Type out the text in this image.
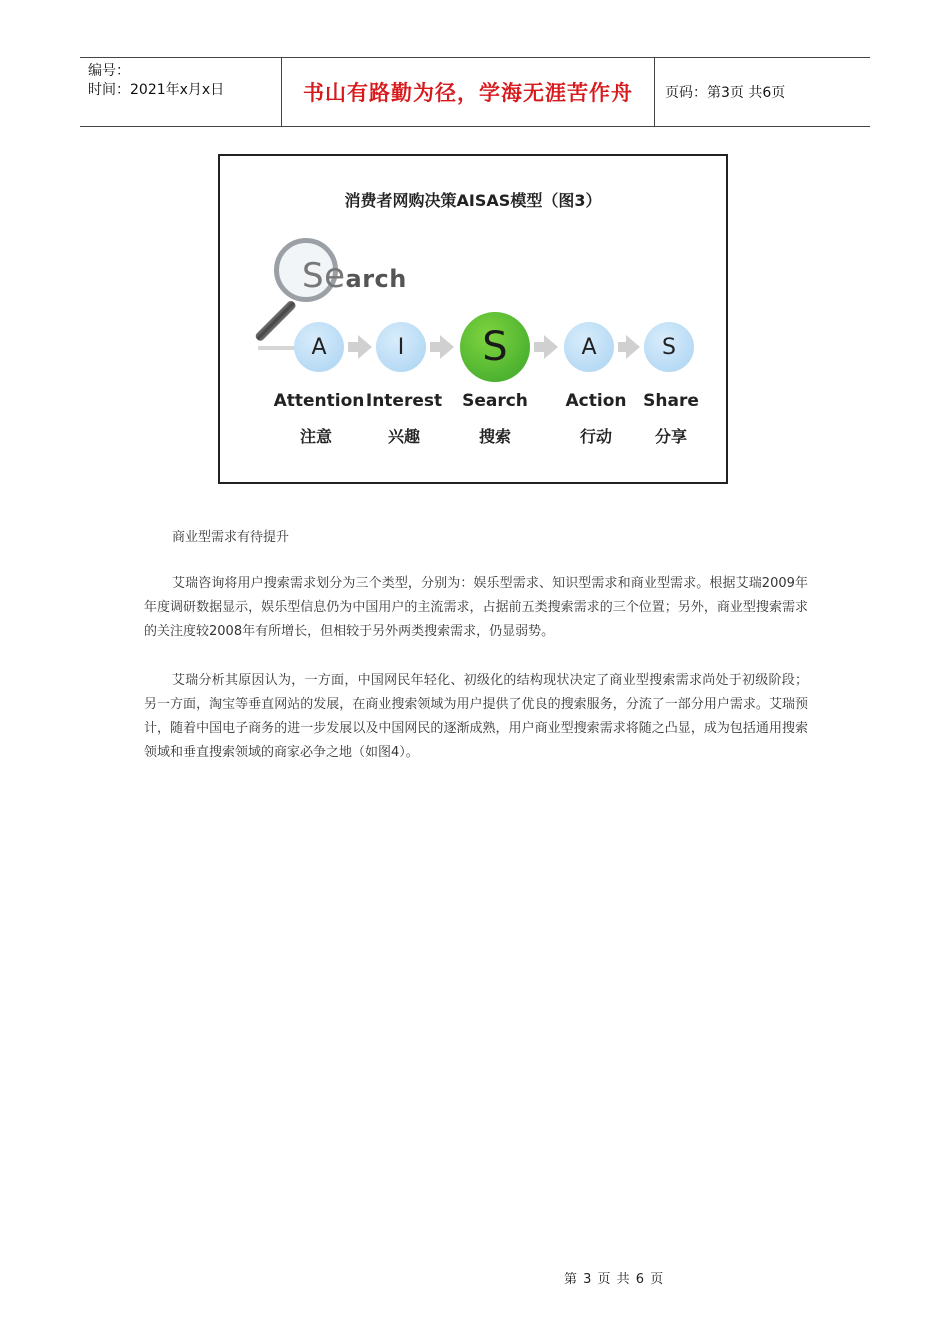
编号：
时间：2021年x月x日	书山有路勤为径，学海无涯苦作舟 页码：第3页 共6页
消费者网购决策AISAS模型（图3）
Search
A	I	S	A	S
Attention Interest	Search	Action Share
注意	兴趣	搜索	行动	分享
商业型需求有待提升
艾瑞咨询将用户搜索需求划分为三个类型，分别为：娱乐型需求、知识型需求和商业型需求。根据艾瑞2009年年度调研数据显示，娱乐型信息仍为中国用户的主流需求，占据前五类搜索需求的三个位置；另外，商业型搜索需求的关注度较2008年有所增长，但相较于另外两类搜索需求，仍显弱势。
艾瑞分析其原因认为，一方面，中国网民年轻化、初级化的结构现状决定了商业型搜索需求尚处于初级阶段；另一方面，淘宝等垂直网站的发展，在商业搜索领域为用户提供了优良的搜索服务，分流了一部分用户需求。艾瑞预计，随着中国电子商务的进一步发展以及中国网民的逐渐成熟，用户商业型搜索需求将随之凸显，成为包括通用搜索领域和垂直搜索领域的商家必争之地（如图4）。
第 3 页 共 6 页
